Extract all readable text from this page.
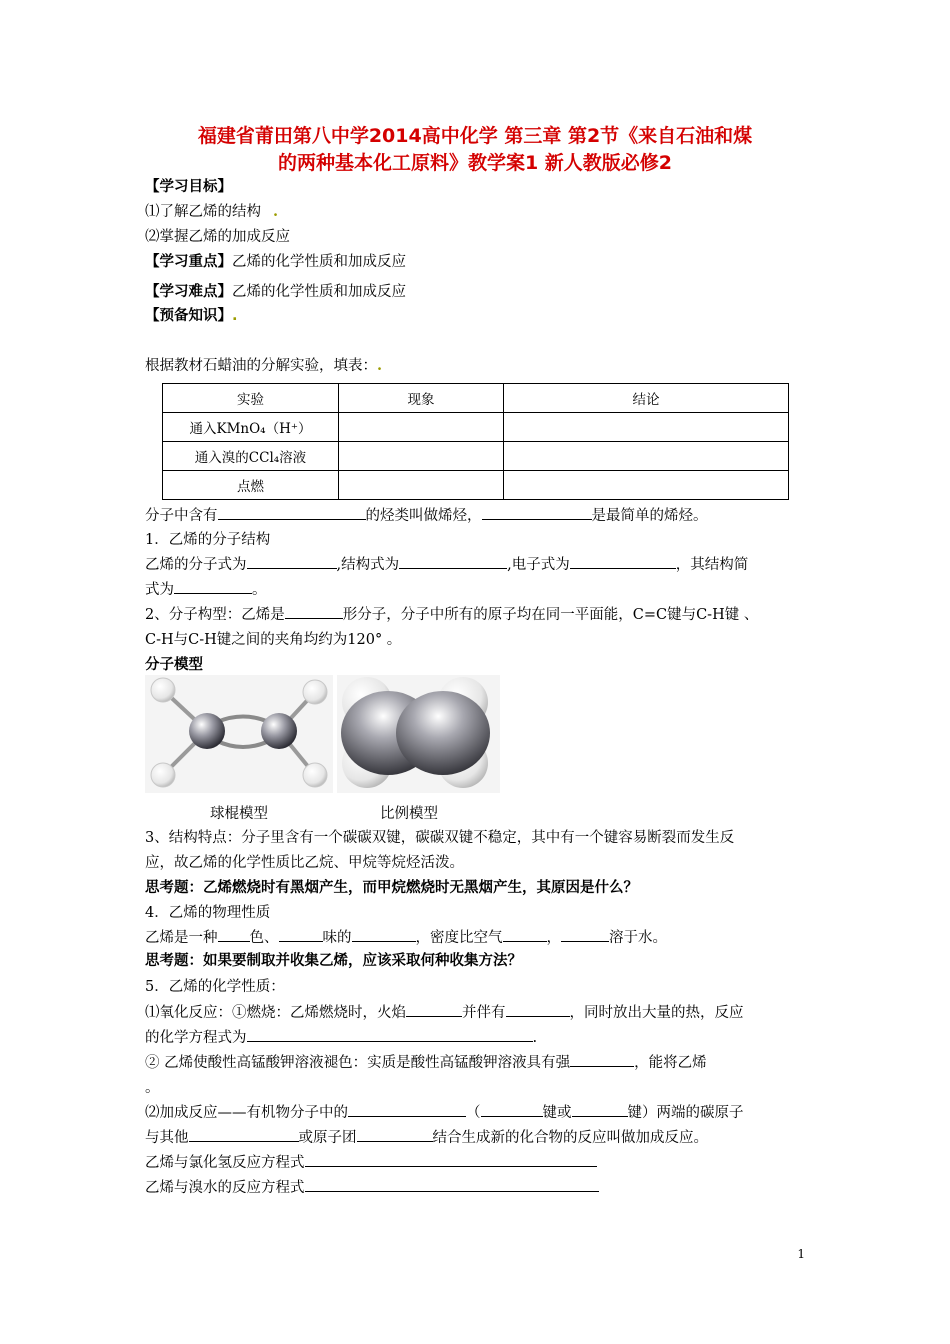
福建省莆田第八中学2014高中化学 第三章 第2节《来自石油和煤
的两种基本化工原料》教学案1 新人教版必修2
【学习目标】
⑴了解乙烯的结构 .
⑵掌握乙烯的加成反应
【学习重点】乙烯的化学性质和加成反应
【学习难点】乙烯的化学性质和加成反应
【预备知识】.
根据教材石蜡油的分解实验，填表：.
实验	现象	结论
通入KMnO₄（H⁺）		
通入溴的CCl₄溶液		
点燃		
分子中含有	的烃类叫做烯烃，	是最简单的烯烃。
1．乙烯的分子结构
乙烯的分子式为	,结构式为	,电子式为	，其结构简
式为	。
2、分子构型：乙烯是	形分子，分子中所有的原子均在同一平面能，C=C键与C-H键 、
C-H与C-H键之间的夹角均约为120° 。
分子模型
球棍模型	比例模型
3、结构特点：分子里含有一个碳碳双键，碳碳双键不稳定，其中有一个键容易断裂而发生反
应，故乙烯的化学性质比乙烷、甲烷等烷烃活泼。
思考题：乙烯燃烧时有黑烟产生，而甲烷燃烧时无黑烟产生，其原因是什么？
4．乙烯的物理性质
乙烯是一种 色、	味的	，密度比空气	，	溶于水。
思考题：如果要制取并收集乙烯，应该采取何种收集方法？
5．乙烯的化学性质：
⑴氧化反应：①燃烧：乙烯燃烧时，火焰	并伴有	，同时放出大量的热，反应
的化学方程式为	.
② 乙烯使酸性高锰酸钾溶液褪色：实质是酸性高锰酸钾溶液具有强	，能将乙烯
。
⑵加成反应——有机物分子中的	（	键或	键）两端的碳原子
与其他	或原子团	结合生成新的化合物的反应叫做加成反应。
乙烯与氯化氢反应方程式
乙烯与溴水的反应方程式
1
